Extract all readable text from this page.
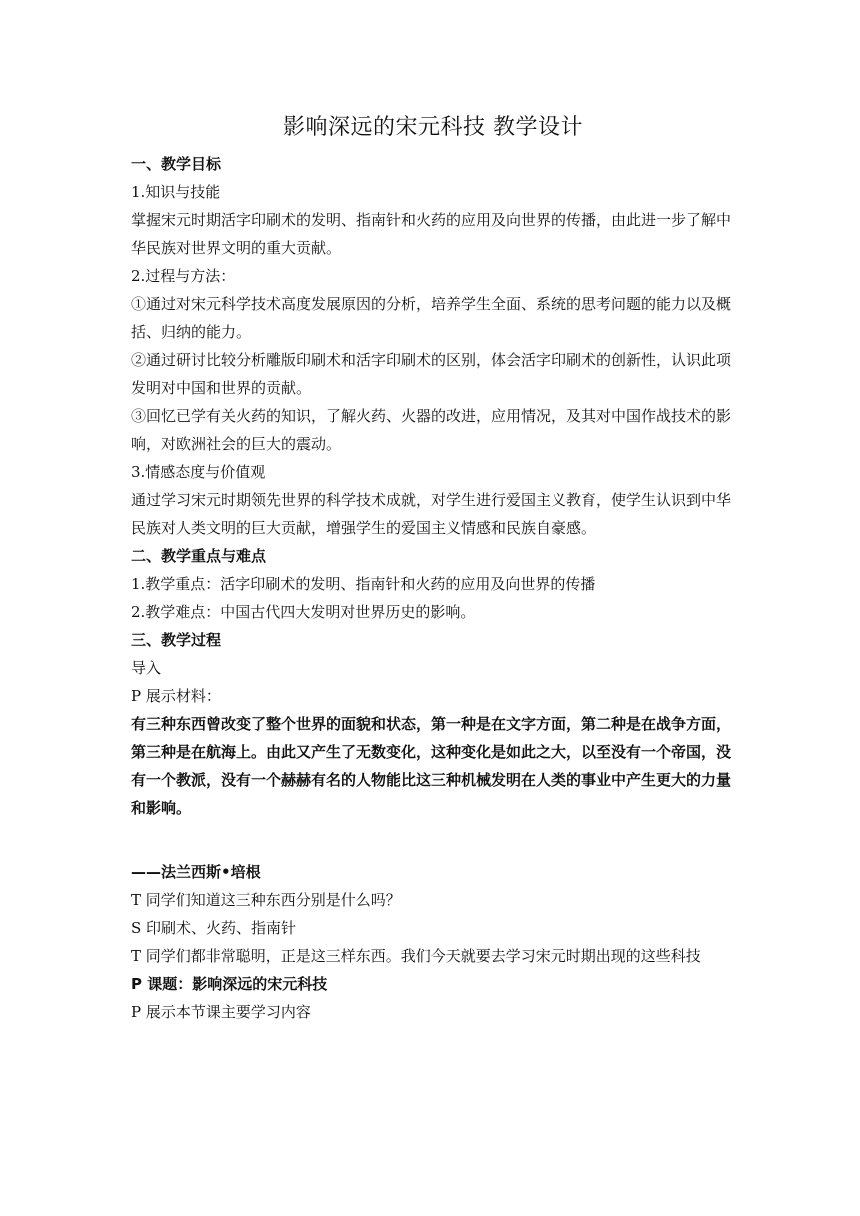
影响深远的宋元科技 教学设计

一、教学目标

1.知识与技能

掌握宋元时期活字印刷术的发明、指南针和火药的应用及向世界的传播，由此进一步了解中华民族对世界文明的重大贡献。

2.过程与方法：

①通过对宋元科学技术高度发展原因的分析，培养学生全面、系统的思考问题的能力以及概括、归纳的能力。

②通过研讨比较分析雕版印刷术和活字印刷术的区别，体会活字印刷术的创新性，认识此项发明对中国和世界的贡献。

③回忆已学有关火药的知识，了解火药、火器的改进，应用情况，及其对中国作战技术的影响，对欧洲社会的巨大的震动。

3.情感态度与价值观

通过学习宋元时期领先世界的科学技术成就，对学生进行爱国主义教育，使学生认识到中华民族对人类文明的巨大贡献，增强学生的爱国主义情感和民族自豪感。

二、教学重点与难点

1.教学重点：活字印刷术的发明、指南针和火药的应用及向世界的传播

2.教学难点：中国古代四大发明对世界历史的影响。

三、教学过程

导入

P 展示材料：

有三种东西曾改变了整个世界的面貌和状态，第一种是在文字方面，第二种是在战争方面，第三种是在航海上。由此又产生了无数变化，这种变化是如此之大，以至没有一个帝国，没有一个教派，没有一个赫赫有名的人物能比这三种机械发明在人类的事业中产生更大的力量和影响。

——法兰西斯•培根

T 同学们知道这三种东西分别是什么吗？

S 印刷术、火药、指南针

T 同学们都非常聪明，正是这三样东西。我们今天就要去学习宋元时期出现的这些科技

P 课题：影响深远的宋元科技

P 展示本节课主要学习内容
